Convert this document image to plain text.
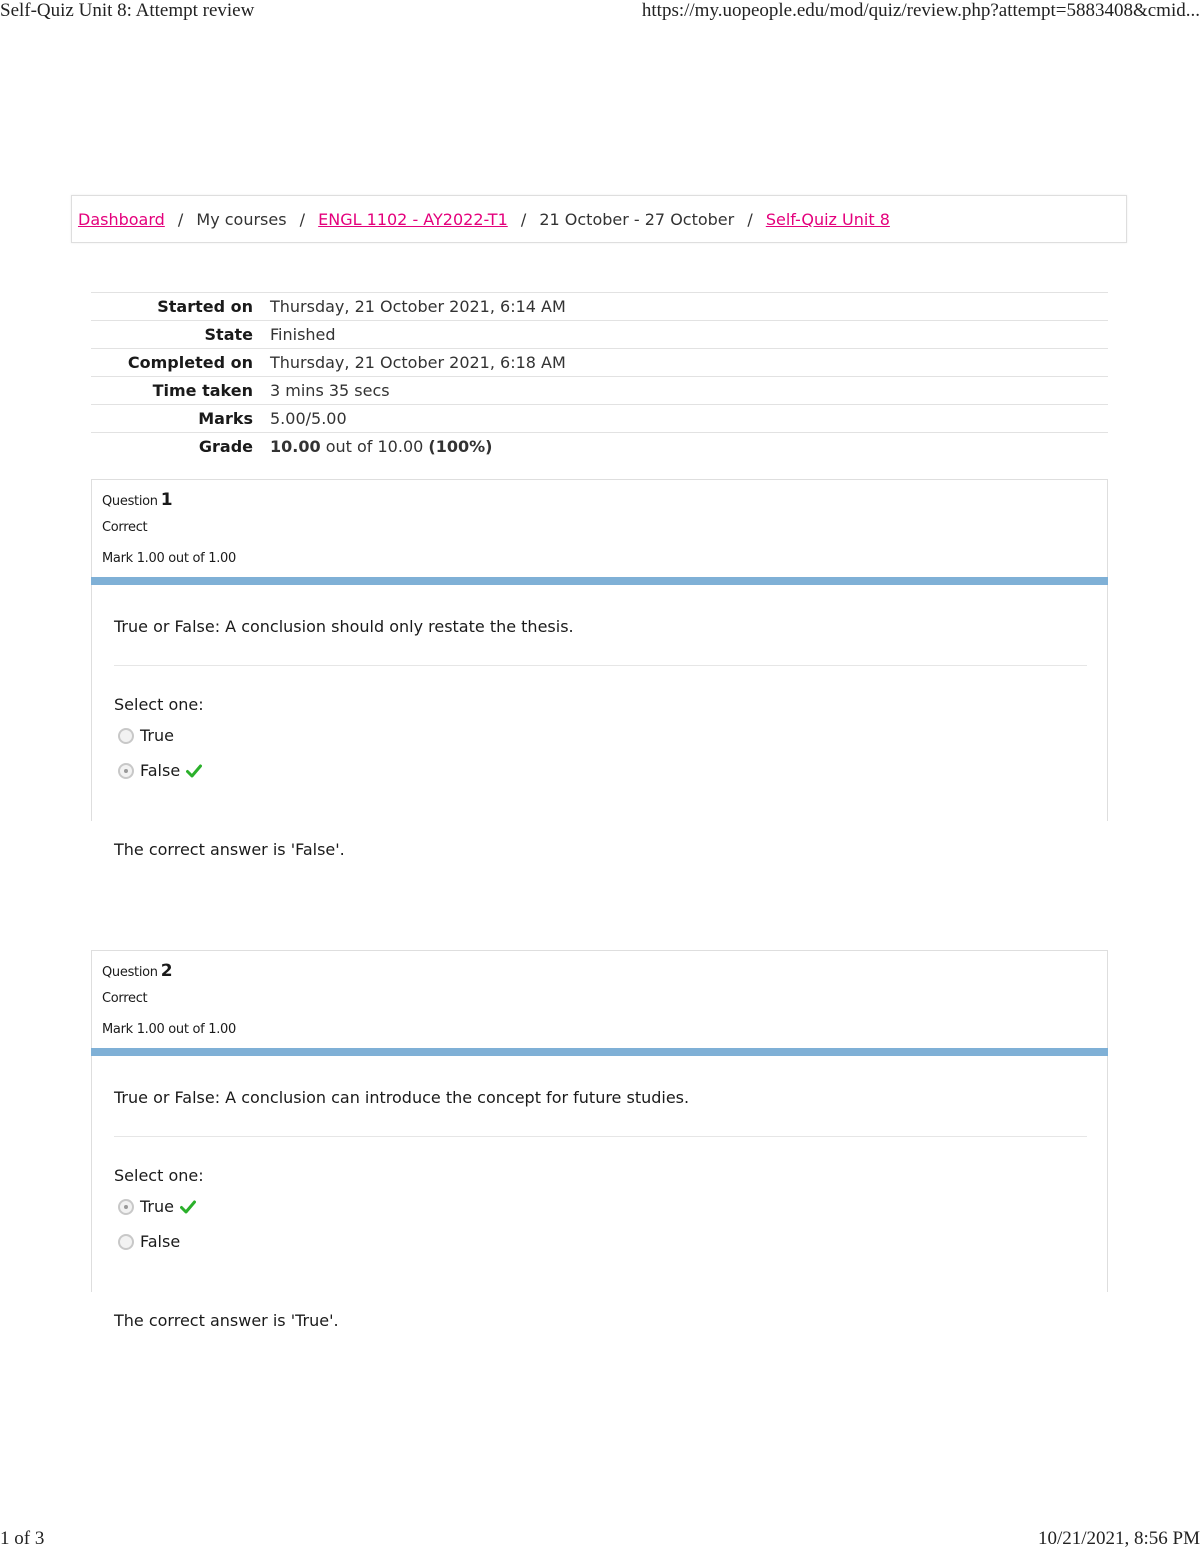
Self-Quiz Unit 8: Attempt review	https://my.uopeople.edu/mod/quiz/review.php?attempt=5883408&cmid...
Dashboard / My courses / ENGL 1102 - AY2022-T1 / 21 October - 27 October / Self-Quiz Unit 8
Started on	Thursday, 21 October 2021, 6:14 AM
State	Finished
Completed on	Thursday, 21 October 2021, 6:18 AM
Time taken	3 mins 35 secs
Marks	5.00/5.00
Grade	10.00 out of 10.00 (100%)
Question 1
Correct
Mark 1.00 out of 1.00
True or False: A conclusion should only restate the thesis.
Select one:
True
False
The correct answer is 'False'.
Question 2
Correct
Mark 1.00 out of 1.00
True or False: A conclusion can introduce the concept for future studies.
Select one:
True
False
The correct answer is 'True'.
1 of 3	10/21/2021, 8:56 PM
